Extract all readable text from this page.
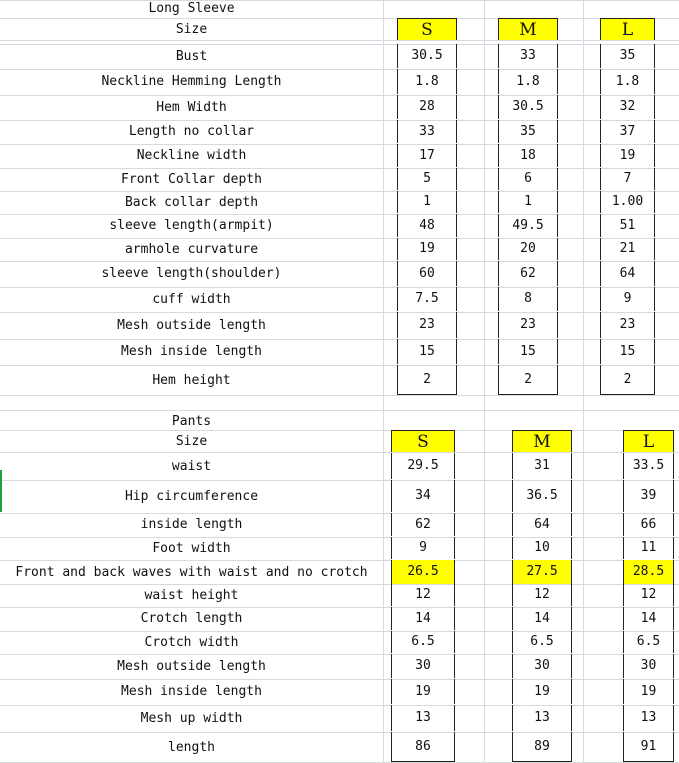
Long Sleeve
Size	S	M	L
Bust	30.5	33	35
Neckline Hemming Length	1.8	1.8	1.8
Hem Width	28	30.5	32
Length no collar	33	35	37
Neckline width	17	18	19
Front Collar depth	5	6	7
Back collar depth	1	1	1.00
sleeve length(armpit)	48	49.5	51
armhole curvature	19	20	21
sleeve length(shoulder)	60	62	64
cuff width	7.5	8	9
Mesh outside length	23	23	23
Mesh inside length	15	15	15
Hem height	2	2	2
Pants
Size	S	M	L
waist	29.5	31	33.5
Hip circumference	34	36.5	39
inside length	62	64	66
Foot width	9	10	11
Front and back waves with waist and no crotch	26.5	27.5	28.5
waist height	12	12	12
Crotch length	14	14	14
Crotch width	6.5	6.5	6.5
Mesh outside length	30	30	30
Mesh inside length	19	19	19
Mesh up width	13	13	13
length	86	89	91
